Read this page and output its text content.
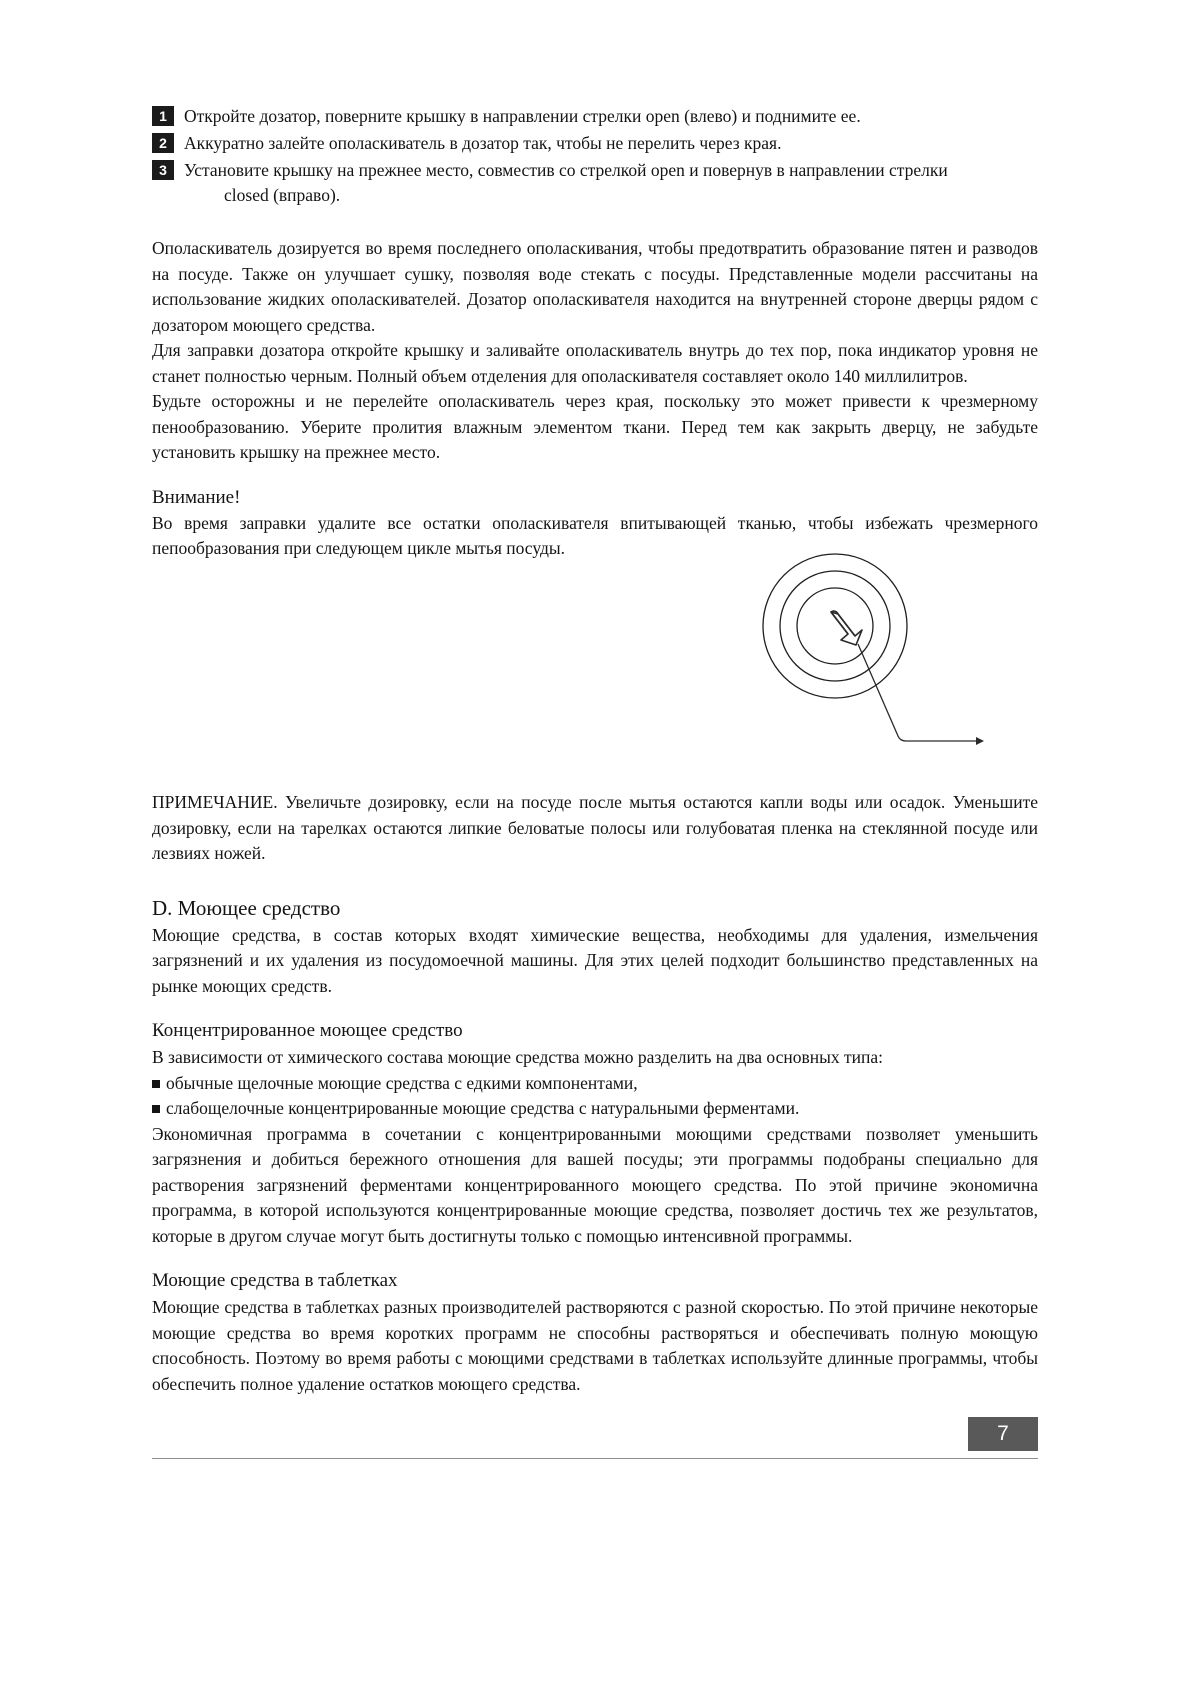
1 Откройте дозатор, поверните крышку в направлении стрелки open (влево) и поднимите ее.
2 Аккуратно залейте ополаскиватель в дозатор так, чтобы не перелить через края.
3 Установите крышку на прежнее место, совместив со стрелкой open и повернув в направлении стрелки
closed (вправо).

Ополаскиватель дозируется во время последнего ополаскивания, чтобы предотвратить образование пятен и разводов на посуде. Также он улучшает сушку, позволяя воде стекать с посуды. Представленные модели рассчитаны на использование жидких ополаскивателей. Дозатор ополаскивателя находится на внутренней стороне дверцы рядом с дозатором моющего средства.

Для заправки дозатора откройте крышку и заливайте ополаскиватель внутрь до тех пор, пока индикатор уровня не станет полностью черным. Полный объем отделения для ополаскивателя составляет около 140 миллилитров.

Будьте осторожны и не перелейте ополаскиватель через края, поскольку это может привести к чрезмерному пенообразованию. Уберите пролития влажным элементом ткани. Перед тем как закрыть дверцу, не забудьте установить крышку на прежнее место.

Внимание!

Во время заправки удалите все остатки ополаскивателя впитывающей тканью, чтобы избежать чрезмерного пепообразования при следующем цикле мытья посуды.

ПРИМЕЧАНИЕ. Увеличьте дозировку, если на посуде после мытья остаются капли воды или осадок. Уменьшите дозировку, если на тарелках остаются липкие беловатые полосы или голубоватая пленка на стеклянной посуде или лезвиях ножей.

D. Моющее средство

Моющие средства, в состав которых входят химические вещества, необходимы для удаления, измельчения загрязнений и их удаления из посудомоечной машины. Для этих целей подходит большинство представленных на рынке моющих средств.

Концентрированное моющее средство

В зависимости от химического состава моющие средства можно разделить на два основных типа:

обычные щелочные моющие средства с едкими компонентами,

слабощелочные концентрированные моющие средства с натуральными ферментами.

Экономичная программа в сочетании с концентрированными моющими средствами позволяет уменьшить загрязнения и добиться бережного отношения для вашей посуды; эти программы подобраны специально для растворения загрязнений ферментами концентрированного моющего средства. По этой причине экономична программа, в которой используются концентрированные моющие средства, позволяет достичь тех же результатов, которые в другом случае могут быть достигнуты только с помощью интенсивной программы.

Моющие средства в таблетках

Моющие средства в таблетках разных производителей растворяются с разной скоростью. По этой причине некоторые моющие средства во время коротких программ не способны растворяться и обеспечивать полную моющую способность. Поэтому во время работы с моющими средствами в таблетках используйте длинные программы, чтобы обеспечить полное удаление остатков моющего средства.

7
